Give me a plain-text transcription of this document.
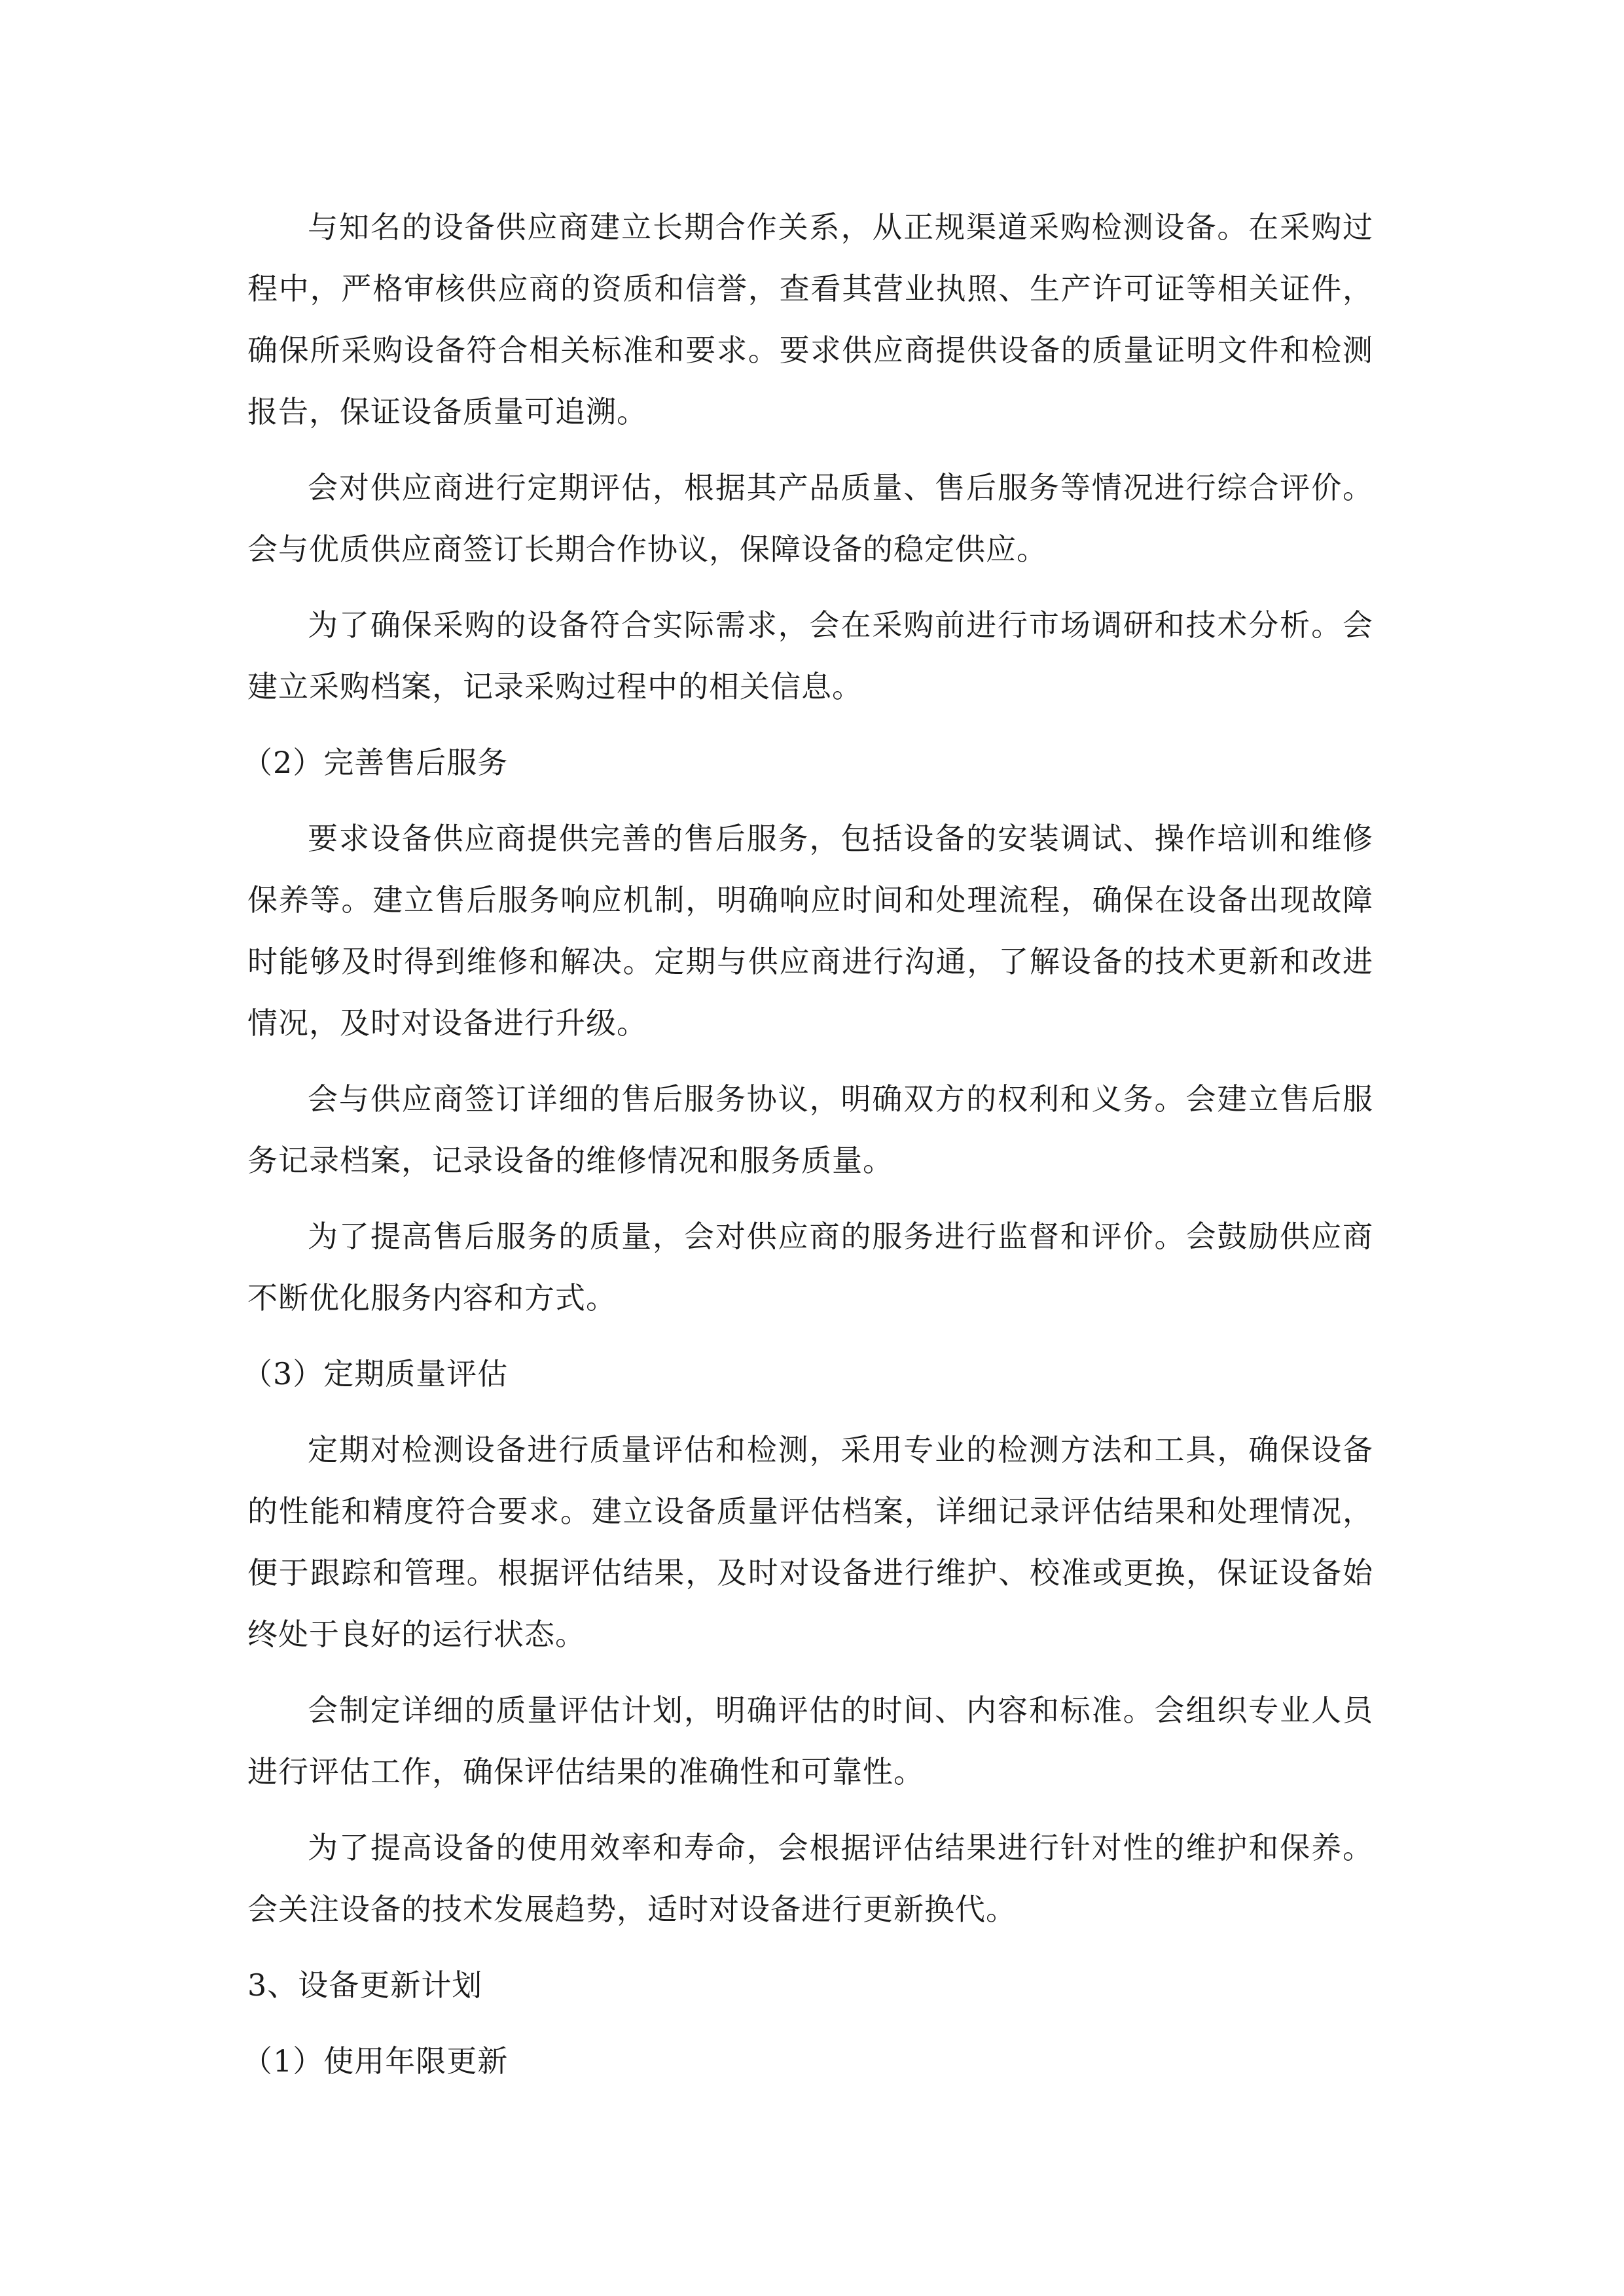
与知名的设备供应商建立长期合作关系，从正规渠道采购检测设备。在采购过程中，严格审核供应商的资质和信誉，查看其营业执照、生产许可证等相关证件，确保所采购设备符合相关标准和要求。要求供应商提供设备的质量证明文件和检测报告，保证设备质量可追溯。

会对供应商进行定期评估，根据其产品质量、售后服务等情况进行综合评价。会与优质供应商签订长期合作协议，保障设备的稳定供应。

为了确保采购的设备符合实际需求，会在采购前进行市场调研和技术分析。会建立采购档案，记录采购过程中的相关信息。

（2）完善售后服务

要求设备供应商提供完善的售后服务，包括设备的安装调试、操作培训和维修保养等。建立售后服务响应机制，明确响应时间和处理流程，确保在设备出现故障时能够及时得到维修和解决。定期与供应商进行沟通，了解设备的技术更新和改进情况，及时对设备进行升级。

会与供应商签订详细的售后服务协议，明确双方的权利和义务。会建立售后服务记录档案，记录设备的维修情况和服务质量。

为了提高售后服务的质量，会对供应商的服务进行监督和评价。会鼓励供应商不断优化服务内容和方式。

（3）定期质量评估

定期对检测设备进行质量评估和检测，采用专业的检测方法和工具，确保设备的性能和精度符合要求。建立设备质量评估档案，详细记录评估结果和处理情况，便于跟踪和管理。根据评估结果，及时对设备进行维护、校准或更换，保证设备始终处于良好的运行状态。

会制定详细的质量评估计划，明确评估的时间、内容和标准。会组织专业人员进行评估工作，确保评估结果的准确性和可靠性。

为了提高设备的使用效率和寿命，会根据评估结果进行针对性的维护和保养。会关注设备的技术发展趋势，适时对设备进行更新换代。

3、设备更新计划
（1）使用年限更新
